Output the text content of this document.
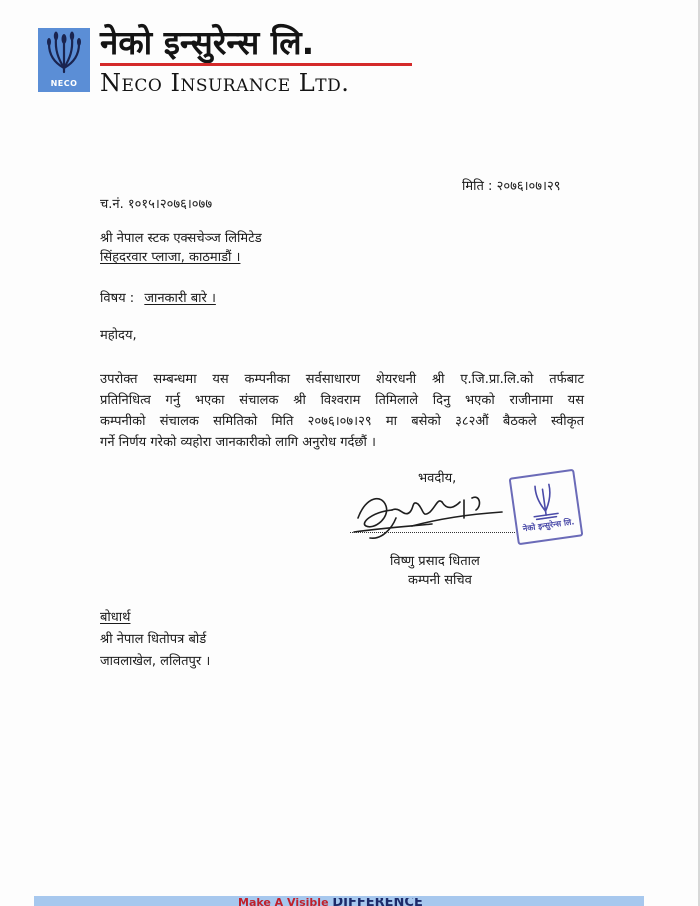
NECO
नेको इन्सुरेन्स लि.
Neco Insurance Ltd.
मिति : २०७६।०७।२९
च.नं. १०१५।२०७६।०७७
श्री नेपाल स्टक एक्सचेञ्ज लिमिटेड
सिंहदरवार प्लाजा, काठमाडौं ।
विषय : जानकारी बारे ।
महोदय,
उपरोक्त सम्बन्धमा यस कम्पनीका सर्वसाधारण शेयरधनी श्री ए.जि.प्रा.लि.को तर्फबाट
प्रतिनिधित्व गर्नु भएका संचालक श्री विश्वराम तिमिलाले दिनु भएको राजीनामा यस
कम्पनीको संचालक समितिको मिति २०७६।०७।२९ मा बसेको ३८२औं बैठकले स्वीकृत
गर्ने निर्णय गरेको व्यहोरा जानकारीको लागि अनुरोध गर्दछौं ।
भवदीय,
विष्णु प्रसाद धिताल
कम्पनी सचिव
नेको इन्सुरेन्स लि.
बोधार्थ
श्री नेपाल धितोपत्र बोर्ड
जावलाखेल, ललितपुर ।
Make A Visible DIFFERENCE
